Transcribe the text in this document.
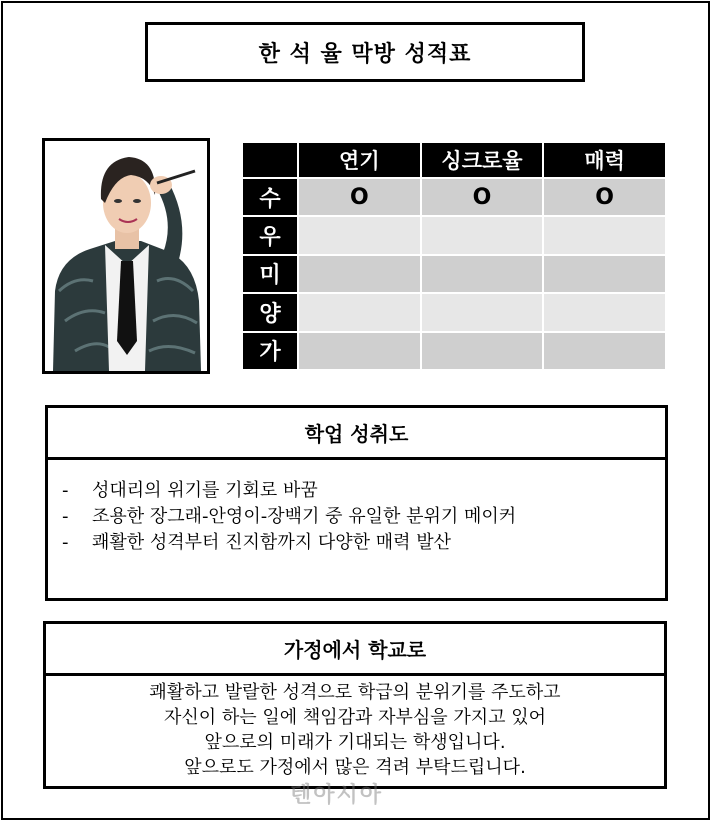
한 석 율 막방 성적표
	연기	싱크로율	매력
수	O	O	O
우			
미			
양			
가			
학업 성취도
-	성대리의 위기를 기회로 바꿈
-	조용한 장그래-안영이-장백기 중 유일한 분위기 메이커
-	쾌활한 성격부터 진지함까지 다양한 매력 발산
가정에서 학교로

쾌활하고 발랄한 성격으로 학급의 분위기를 주도하고

자신이 하는 일에 책임감과 자부심을 가지고 있어

앞으로의 미래가 기대되는 학생입니다.

앞으로도 가정에서 많은 격려 부탁드립니다.

텐아시아
